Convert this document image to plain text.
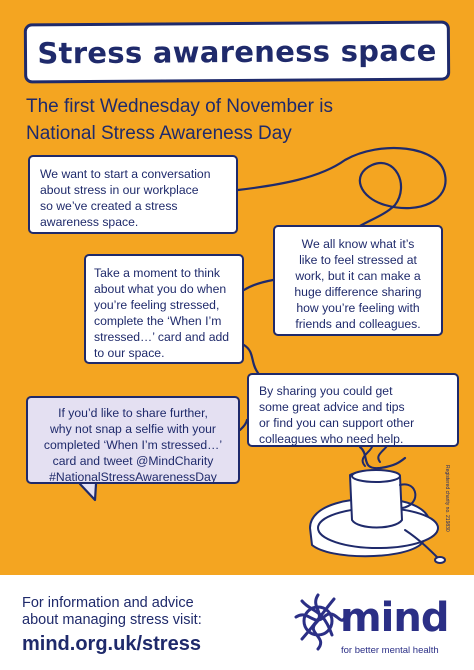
Stress awareness space
The first Wednesday of November is
National Stress Awareness Day

We want to start a conversation

about stress in our workplace

so we’ve created a stress

awareness space.

We all know what it’s

like to feel stressed at

work, but it can make a

huge difference sharing

how you’re feeling with

friends and colleagues.

Take a moment to think

about what you do when

you’re feeling stressed,

complete the ‘When I’m

stressed…’ card and add

to our space.

By sharing you could get

some great advice and tips

or find you can support other

colleagues who need help.

If you’d like to share further,

why not snap a selfie with your

completed ‘When I’m stressed…’

card and tweet @MindCharity

#NationalStressAwarenessDay	Registered charity no. 219830
For information and advice
about managing stress visit:
mind.org.uk/stress
mind
for better mental health
